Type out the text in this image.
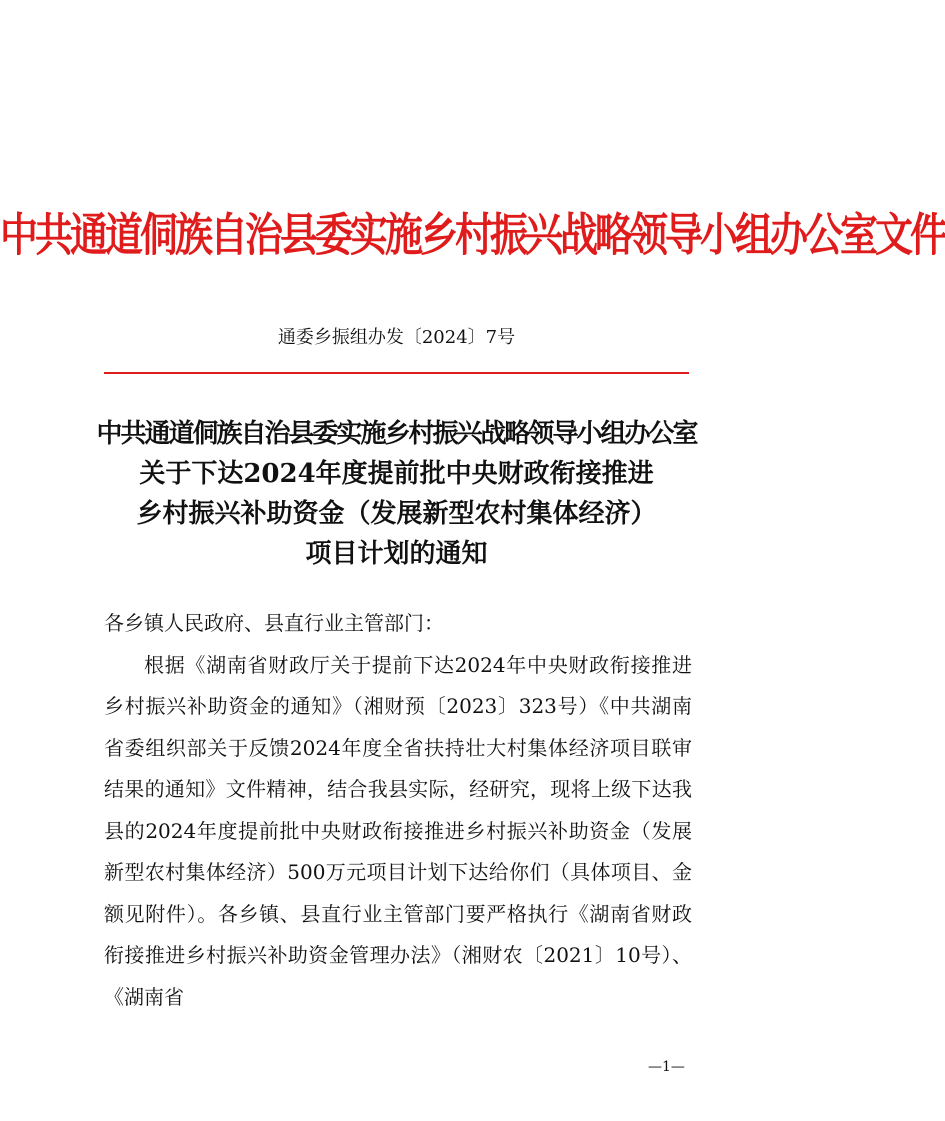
中共通道侗族自治县委实施乡村振兴战略领导小组办公室文件
通委乡振组办发〔2024〕7号
中共通道侗族自治县委实施乡村振兴战略领导小组办公室
关于下达2024年度提前批中央财政衔接推进
乡村振兴补助资金（发展新型农村集体经济）
项目计划的通知
各乡镇人民政府、县直行业主管部门：
根据《湖南省财政厅关于提前下达2024年中央财政衔接推进乡村振兴补助资金的通知》（湘财预〔2023〕323号）《中共湖南省委组织部关于反馈2024年度全省扶持壮大村集体经济项目联审结果的通知》文件精神，结合我县实际，经研究，现将上级下达我县的2024年度提前批中央财政衔接推进乡村振兴补助资金（发展新型农村集体经济）500万元项目计划下达给你们（具体项目、金额见附件）。各乡镇、县直行业主管部门要严格执行《湖南省财政衔接推进乡村振兴补助资金管理办法》（湘财农〔2021〕10号）、《湖南省
—1—
